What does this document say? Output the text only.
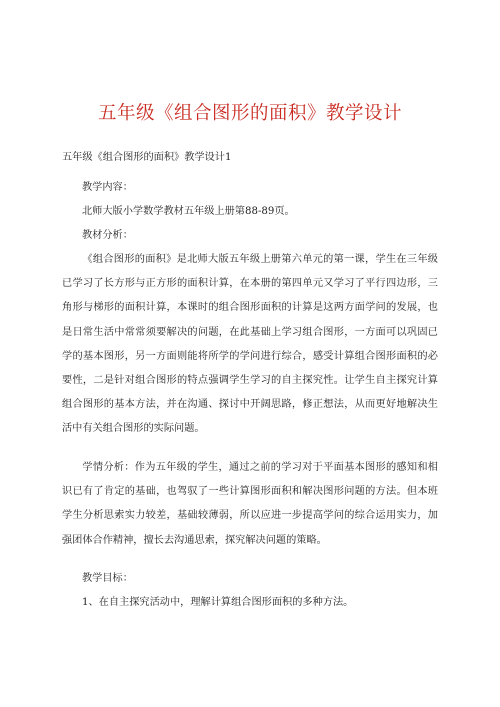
五年级《组合图形的面积》教学设计
五年级《组合图形的面积》教学设计1
教学内容：
北师大版小学数学教材五年级上册第88-89页。
教材分析：

《组合图形的面积》是北师大版五年级上册第六单元的第一课，学生在三年级已学习了长方形与正方形的面积计算，在本册的第四单元又学习了平行四边形，三角形与梯形的面积计算，本课时的组合图形面积的计算是这两方面学问的发展，也是日常生活中常常须要解决的问题，在此基础上学习组合图形，一方面可以巩固已学的基本图形，另一方面则能将所学的学问进行综合，感受计算组合图形面积的必要性，二是针对组合图形的特点强调学生学习的自主探究性。让学生自主探究计算组合图形的基本方法，并在沟通、探讨中开阔思路，修正想法，从而更好地解决生活中有关组合图形的实际问题。

学情分析：作为五年级的学生，通过之前的学习对于平面基本图形的感知和相识已有了肯定的基础，也驾驭了一些计算图形面积和解决图形问题的方法。但本班学生分析思索实力较差，基础较薄弱，所以应进一步提高学问的综合运用实力，加强团体合作精神，擅长去沟通思索，探究解决问题的策略。

教学目标：
1、在自主探究活动中，理解计算组合图形面积的多种方法。
